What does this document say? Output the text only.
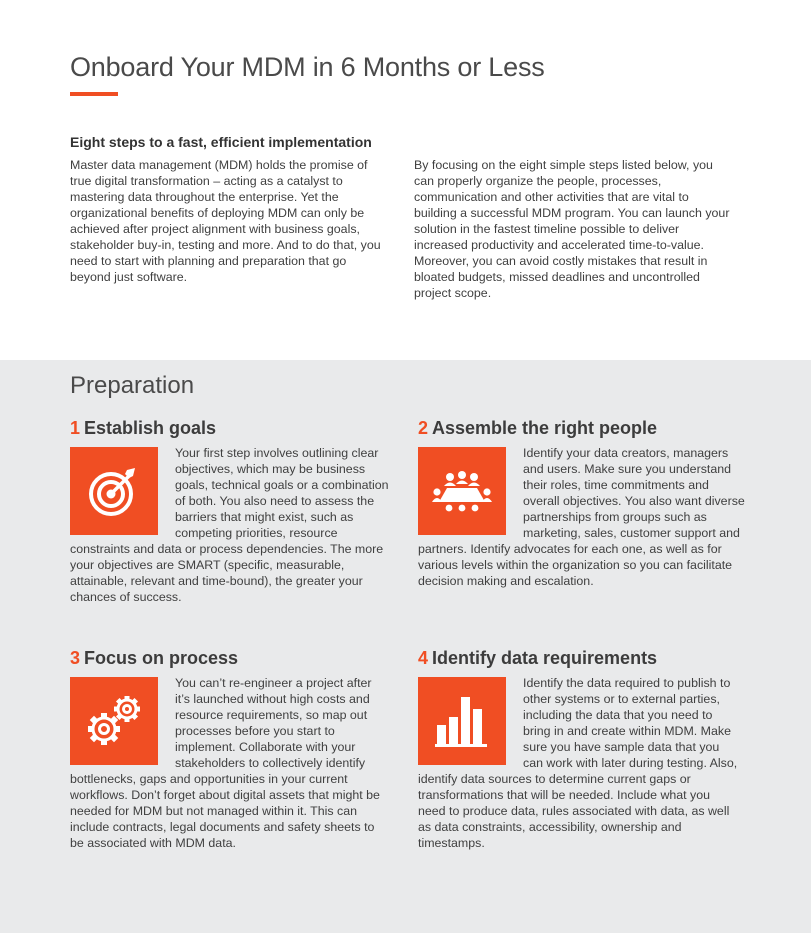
Onboard Your MDM in 6 Months or Less
Eight steps to a fast, efficient implementation

Master data management (MDM) holds the promise of true digital transformation – acting as a catalyst to mastering data throughout the enterprise. Yet the organizational benefits of deploying MDM can only be achieved after project alignment with business goals, stakeholder buy-in, testing and more. And to do that, you need to start with planning and preparation that go beyond just software.

By focusing on the eight simple steps listed below, you can properly organize the people, processes, communication and other activities that are vital to building a successful MDM program. You can launch your solution in the fastest timeline possible to deliver increased productivity and accelerated time-to-value. Moreover, you can avoid costly mistakes that result in bloated budgets, missed deadlines and uncontrolled project scope.

Preparation
1 Establish goals

Your first step involves outlining clear objectives, which may be business goals, technical goals or a combination of both. You also need to assess the barriers that might exist, such as competing priorities, resource constraints and data or process dependencies. The more your objectives are SMART (specific, measurable, attainable, relevant and time-bound), the greater your chances of success.

2 Assemble the right people

Identify your data creators, managers and users. Make sure you understand their roles, time commitments and overall objectives. You also want diverse partnerships from groups such as marketing, sales, customer support and partners. Identify advocates for each one, as well as for various levels within the organization so you can facilitate decision making and escalation.

3 Focus on process

You can’t re-engineer a project after it’s launched without high costs and resource requirements, so map out processes before you start to implement. Collaborate with your stakeholders to collectively identify bottlenecks, gaps and opportunities in your current workflows. Don’t forget about digital assets that might be needed for MDM but not managed within it. This can include contracts, legal documents and safety sheets to be associated with MDM data.

4 Identify data requirements

Identify the data required to publish to other systems or to external parties, including the data that you need to bring in and create within MDM. Make sure you have sample data that you can work with later during testing. Also, identify data sources to determine current gaps or transformations that will be needed. Include what you need to produce data, rules associated with data, as well as data constraints, accessibility, ownership and timestamps.
